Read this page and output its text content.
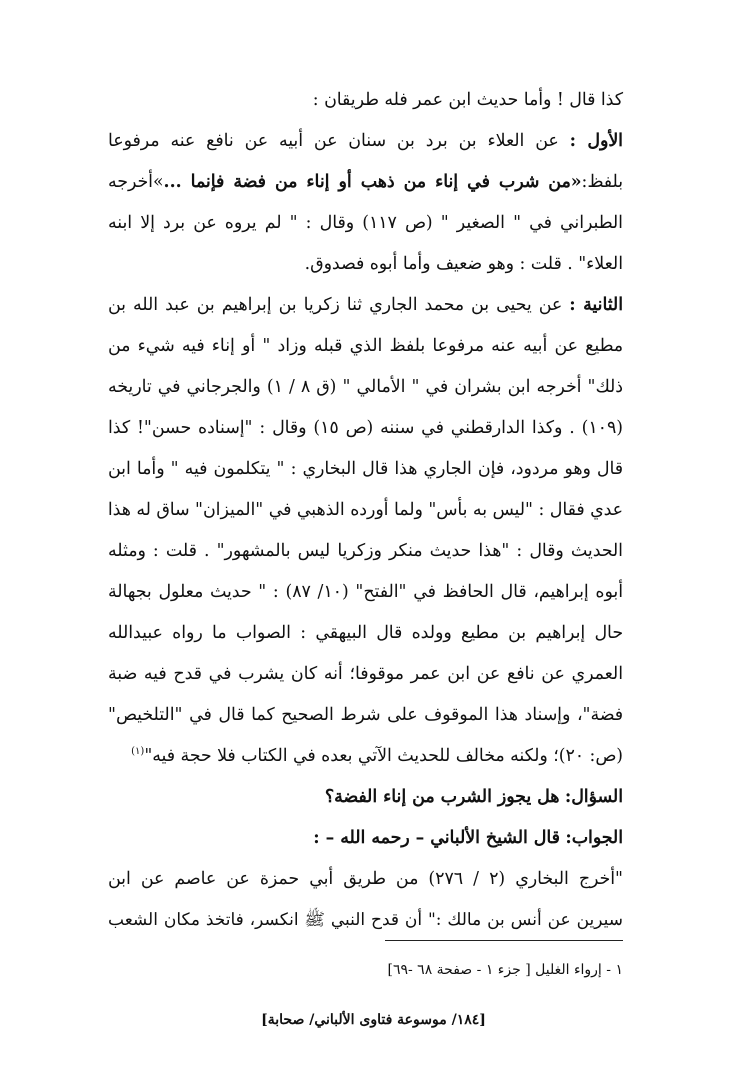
كذا قال ! وأما حديث ابن عمر فله طريقان :

الأول : عن العلاء بن برد بن سنان عن أبيه عن نافع عنه مرفوعا

بلفظ:«من شرب في إناء من ذهب أو إناء من فضة فإنما ...»أخرجه

الطبراني في " الصغير " (ص ١١٧) وقال : " لم يروه عن برد إلا ابنه

العلاء" . قلت : وهو ضعيف وأما أبوه فصدوق.

الثانية : عن يحيى بن محمد الجاري ثنا زكريا بن إبراهيم بن عبد الله بن

مطيع عن أبيه عنه مرفوعا بلفظ الذي قبله وزاد " أو إناء فيه شيء من

ذلك" أخرجه ابن بشران في " الأمالي " (ق ٨ / ١) والجرجاني في تاريخه

(١٠٩) . وكذا الدارقطني في سننه (ص ١٥) وقال : "إسناده حسن"! كذا

قال وهو مردود، فإن الجاري هذا قال البخاري : " يتكلمون فيه " وأما ابن

عدي فقال : "ليس به بأس" ولما أورده الذهبي في "الميزان" ساق له هذا

الحديث وقال : "هذا حديث منكر وزكريا ليس بالمشهور" . قلت : ومثله

أبوه إبراهيم، قال الحافظ في "الفتح" (١٠/ ٨٧) : " حديث معلول بجهالة

حال إبراهيم بن مطيع وولده قال البيهقي : الصواب ما رواه عبيدالله

العمري عن نافع عن ابن عمر موقوفا؛ أنه كان يشرب في قدح فيه ضبة

فضة"، وإسناد هذا الموقوف على شرط الصحيح كما قال في "التلخيص"

(ص: ٢٠)؛ ولكنه مخالف للحديث الآتي بعده في الكتاب فلا حجة فيه"$^{(١)}$

السؤال: هل يجوز الشرب من إناء الفضة؟

الجواب: قال الشيخ الألباني – رحمه الله – :

"أخرج البخاري (٢ / ٢٧٦) من طريق أبي حمزة عن عاصم عن ابن

سيرين عن أنس بن مالك :" أن قدح النبي ﷺ انكسر، فاتخذ مكان الشعب

١ - إرواء الغليل [ جزء ١ - صفحة ٦٨ -٦٩]
[١٨٤/ موسوعة فتاوى الألباني/ صحابة]
